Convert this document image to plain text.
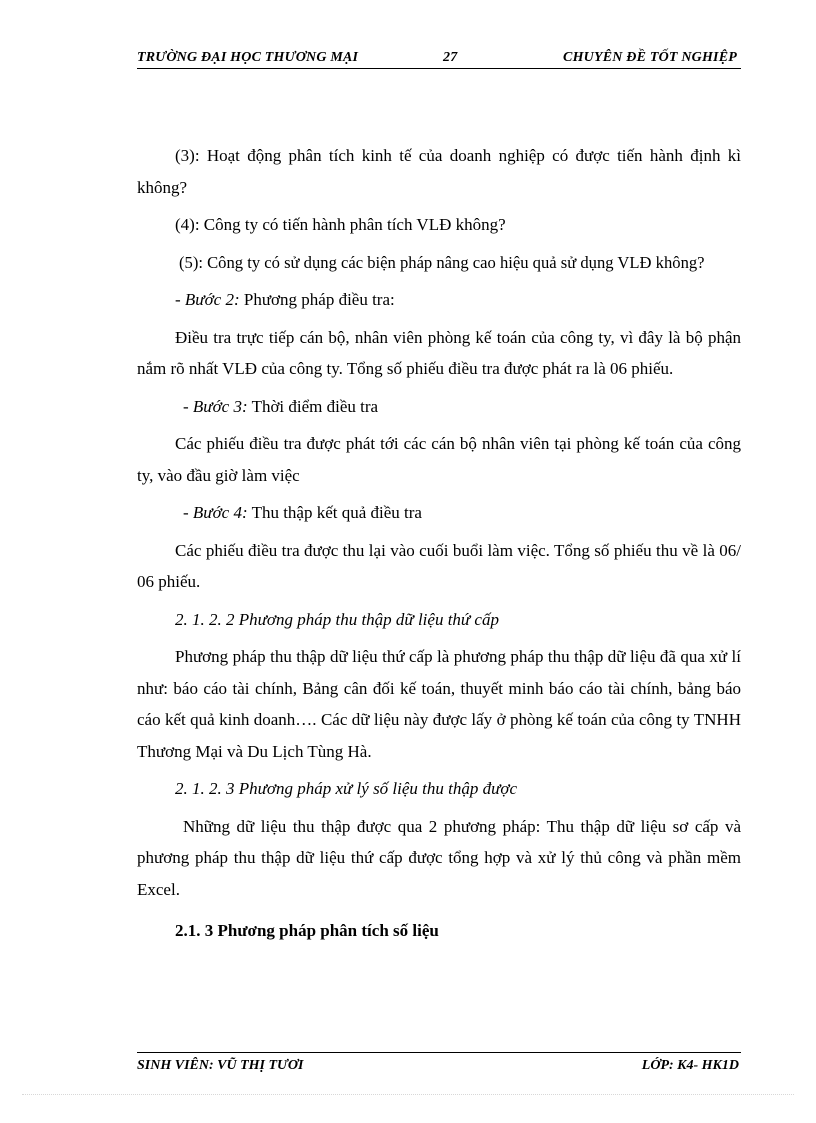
TRƯỜNG ĐẠI HỌC THƯƠNG MẠI	27	CHUYÊN ĐỀ TỐT NGHIỆP

(3): Hoạt động phân tích kinh tế của doanh nghiệp có được tiến hành định kì không?

(4): Công ty có tiến hành phân tích VLĐ không?

(5): Công ty có sử dụng các biện pháp nâng cao hiệu quả sử dụng VLĐ không?

- Bước 2: Phương pháp điều tra:

Điều tra trực tiếp cán bộ, nhân viên phòng kế toán của công ty, vì đây là bộ phận nắm rõ nhất VLĐ của công ty. Tổng số phiếu điều tra được phát ra là 06 phiếu.

- Bước 3: Thời điểm điều tra

Các phiếu điều tra được phát tới các cán bộ nhân viên tại phòng kế toán của công ty, vào đầu giờ làm việc

- Bước 4: Thu thập kết quả điều tra

Các phiếu điều tra được thu lại vào cuối buổi làm việc. Tổng số phiếu thu về là 06/ 06 phiếu.

2. 1. 2. 2 Phương pháp thu thập dữ liệu thứ cấp

Phương pháp thu thập dữ liệu thứ cấp là phương pháp thu thập dữ liệu đã qua xử lí như: báo cáo tài chính, Bảng cân đối kế toán, thuyết minh báo cáo tài chính, bảng báo cáo kết quả kinh doanh…. Các dữ liệu này được lấy ở phòng kế toán của công ty TNHH Thương Mại và Du Lịch Tùng Hà.

2. 1. 2. 3 Phương pháp xử lý số liệu thu thập được

Những dữ liệu thu thập được qua 2 phương pháp: Thu thập dữ liệu sơ cấp và phương pháp thu thập dữ liệu thứ cấp được tổng hợp và xử lý thủ công và phần mềm Excel.

2.1. 3 Phương pháp phân tích số liệu

SINH VIÊN: VŨ THỊ TƯƠI	LỚP: K4- HK1D
